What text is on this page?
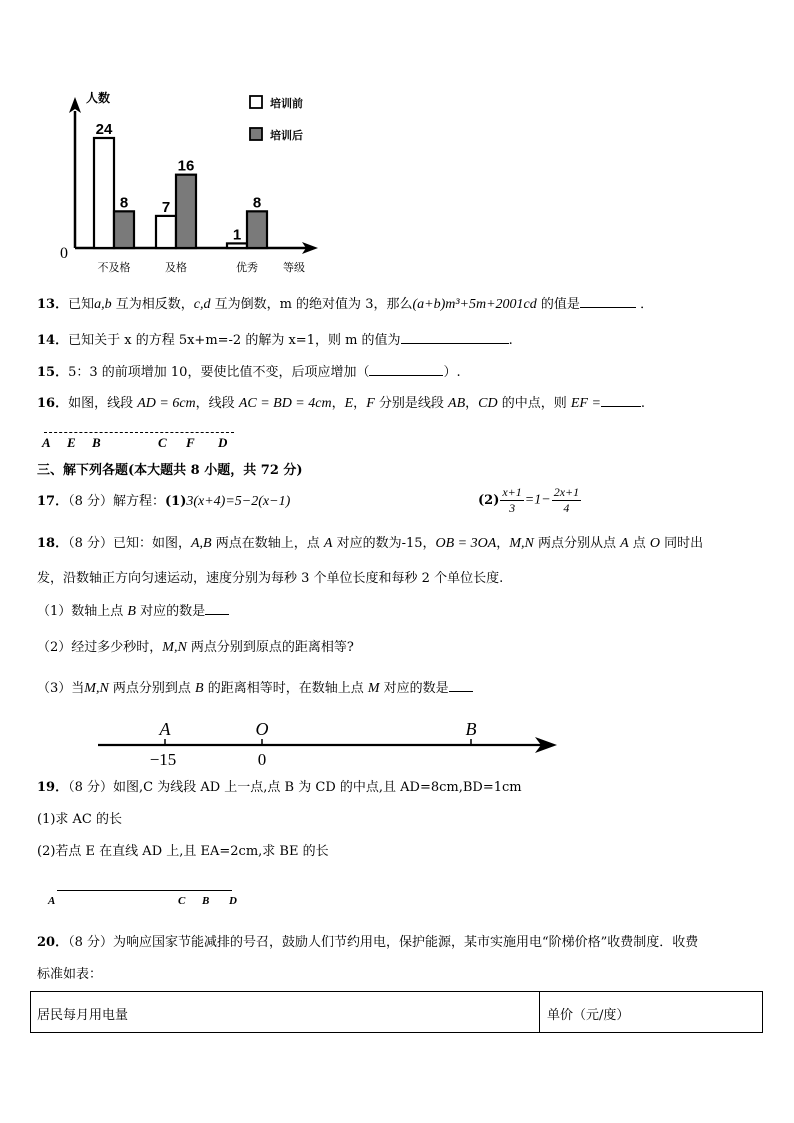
人数
0
等级
不及格
24
8
及格
7
16
优秀
1
8
培训前
培训后
13．已知a,b 互为相反数，c,d 互为倒数，m 的绝对值为 3，那么(a+b)m³+5m+2001cd 的值是	．
14．已知关于 x 的方程 5x+m=-2 的解为 x=1，则 m 的值为	.
15．5：3 的前项增加 10，要使比值不变，后项应增加（	）.
16．如图，线段 AD = 6cm，线段 AC = BD = 4cm，E，F 分别是线段 AB，CD 的中点，则 EF =	.
A E B	C F D
三、解下列各题(本大题共 8 小题，共 72 分)
17．（8 分）解方程：(1)3(x+4)=5−2(x−1)	$(2) \frac{x+1}{3} =1- \frac{2x+1}{4}$
18．（8 分）已知：如图，A,B 两点在数轴上，点 A 对应的数为-15，OB = 3OA，M,N 两点分别从点 A 点 O 同时出
发，沿数轴正方向匀速运动，速度分别为每秒 3 个单位长度和每秒 2 个单位长度.
（1）数轴上点 B 对应的数是
（2）经过多少秒时，M,N 两点分别到原点的距离相等?
（3）当M,N 两点分别到点 B 的距离相等时，在数轴上点 M 对应的数是
A	O	B
−15	0
19．（8 分）如图,C 为线段 AD 上一点,点 B 为 CD 的中点,且 AD=8cm,BD=1cm
(1)求 AC 的长
(2)若点 E 在直线 AD 上,且 EA=2cm,求 BE 的长
A	C B D
20．（8 分）为响应国家节能减排的号召，鼓励人们节约用电，保护能源，某市实施用电“阶梯价格”收费制度．收费
标准如表：
居民每月用电量	单价（元/度）
